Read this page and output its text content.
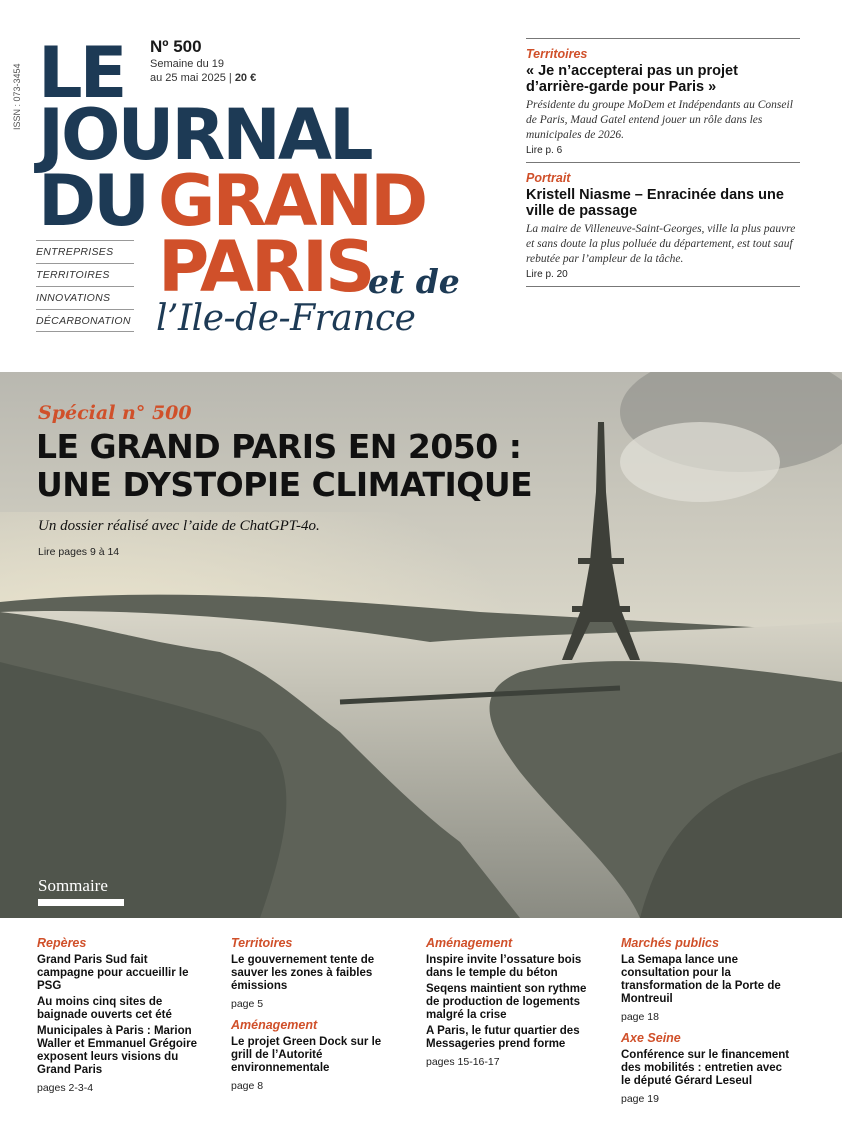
ISSN : 073-3454 LE
JOURNAL
DU GRAND
PARIS
et de
l’Ile-de-France
Nº 500
Semaine du 19
au 25 mai 2025 | 20 €
ENTREPRISES
TERRITOIRES
INNOVATIONS
DÉCARBONATION
Territoires
« Je n’accepterai pas un projet d’arrière-garde pour Paris »
Présidente du groupe MoDem et Indépendants au Conseil de Paris, Maud Gatel entend jouer un rôle dans les municipales de 2026.
Lire p. 6
Portrait
Kristell Niasme – Enracinée dans une ville de passage
La maire de Villeneuve-Saint-Georges, ville la plus pauvre et sans doute la plus polluée du département, est tout sauf rebutée par l’ampleur de la tâche.
Lire p. 20
Spécial n° 500
LE GRAND PARIS EN 2050 :
UNE DYSTOPIE CLIMATIQUE
Un dossier réalisé avec l’aide de ChatGPT-4o.
Lire pages 9 à 14
Sommaire
Repères
Grand Paris Sud fait campagne pour accueillir le PSG
Au moins cinq sites de baignade ouverts cet été
Municipales à Paris : Marion Waller et Emmanuel Grégoire exposent leurs visions du Grand Paris
pages 2-3-4
Territoires
Le gouvernement tente de sauver les zones à faibles émissions
page 5
Aménagement
Le projet Green Dock sur le grill de l’Autorité environnementale
page 8
Aménagement
Inspire invite l’ossature bois dans le temple du béton
Seqens maintient son rythme de production de logements malgré la crise
A Paris, le futur quartier des Messageries prend forme
pages 15-16-17
Marchés publics
La Semapa lance une consultation pour la transformation de la Porte de Montreuil
page 18
Axe Seine
Conférence sur le financement des mobilités : entretien avec le député Gérard Leseul
page 19
